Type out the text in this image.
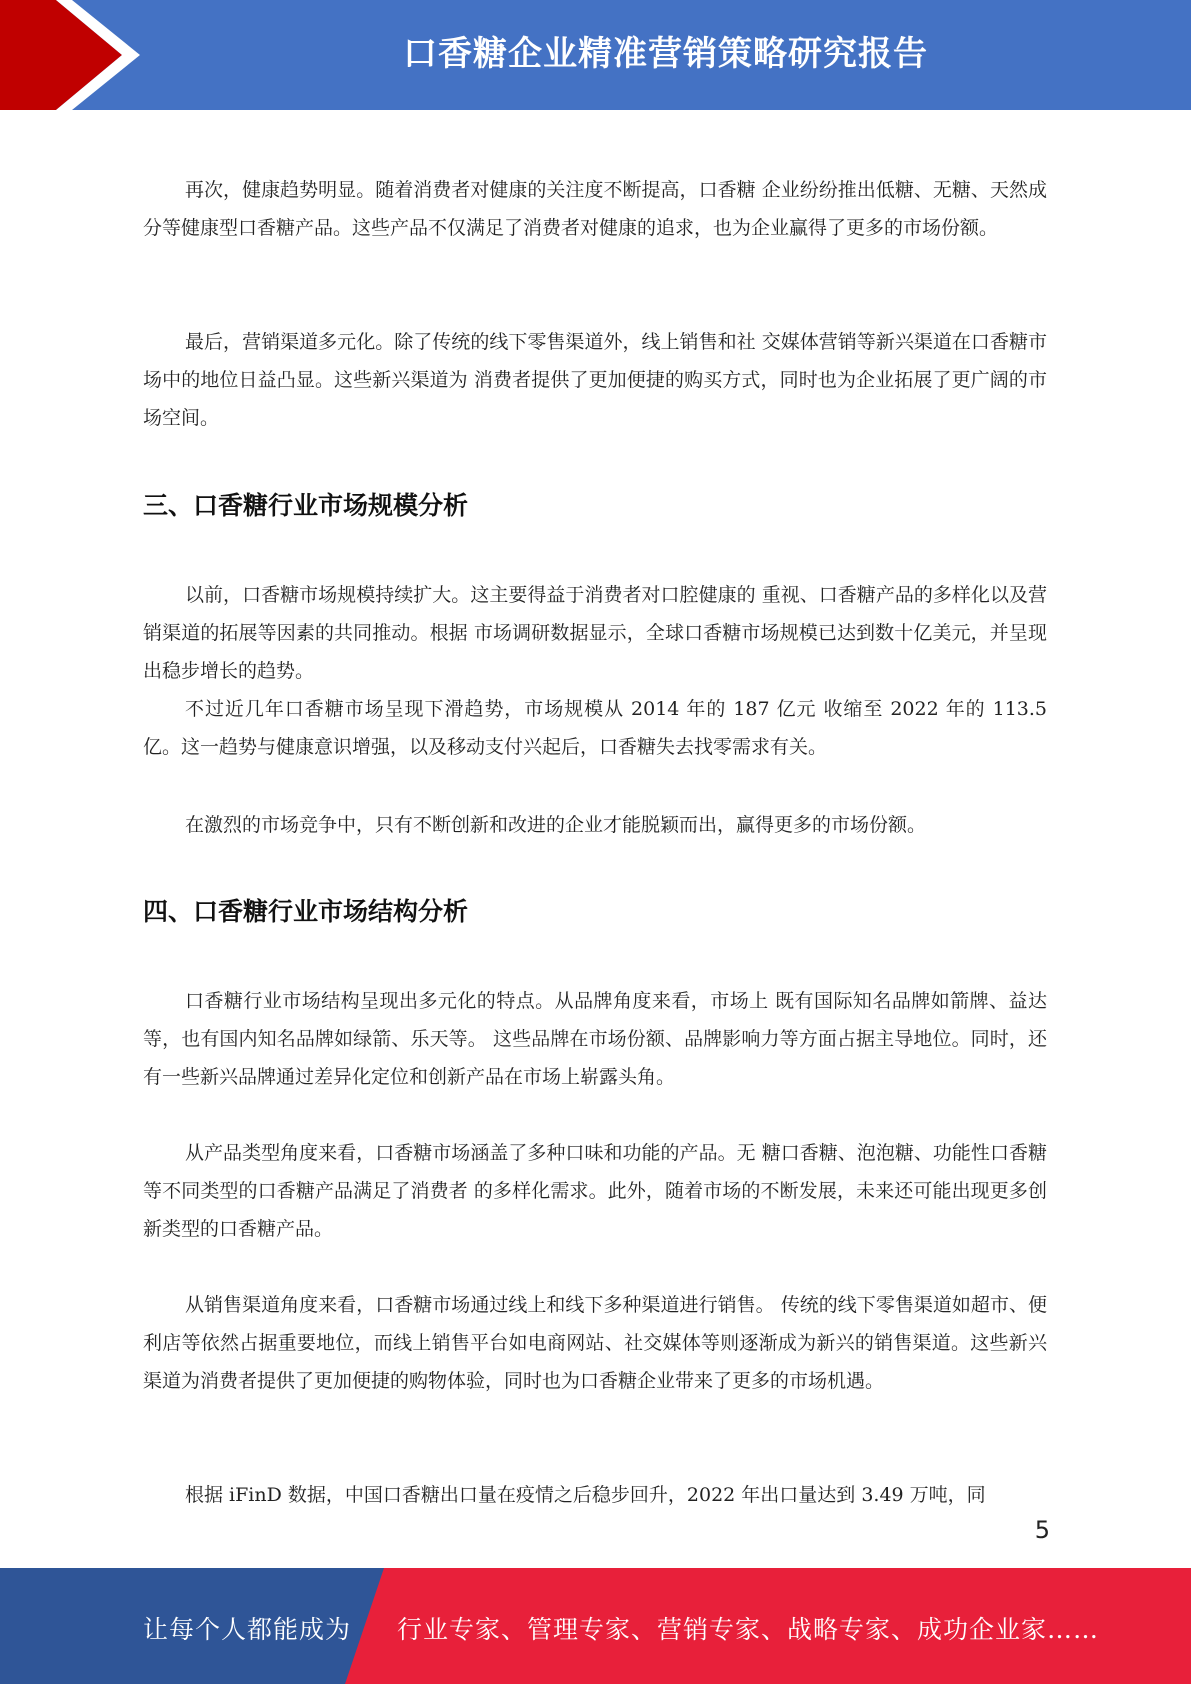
口香糖企业精准营销策略研究报告

再次，健康趋势明显。随着消费者对健康的关注度不断提高，口香糖 企业纷纷推出低糖、无糖、天然成分等健康型口香糖产品。这些产品不仅满足了消费者对健康的追求，也为企业赢得了更多的市场份额。

最后，营销渠道多元化。除了传统的线下零售渠道外，线上销售和社 交媒体营销等新兴渠道在口香糖市场中的地位日益凸显。这些新兴渠道为 消费者提供了更加便捷的购买方式，同时也为企业拓展了更广阔的市场空间。

三、口香糖行业市场规模分析

以前，口香糖市场规模持续扩大。这主要得益于消费者对口腔健康的 重视、口香糖产品的多样化以及营销渠道的拓展等因素的共同推动。根据 市场调研数据显示，全球口香糖市场规模已达到数十亿美元，并呈现出稳步增长的趋势。

不过近几年口香糖市场呈现下滑趋势，市场规模从 2014 年的 187 亿元 收缩至 2022 年的 113.5 亿。这一趋势与健康意识增强，以及移动支付兴起后，口香糖失去找零需求有关。

在激烈的市场竞争中，只有不断创新和改进的企业才能脱颖而出，赢得更多的市场份额。

四、口香糖行业市场结构分析

口香糖行业市场结构呈现出多元化的特点。从品牌角度来看，市场上 既有国际知名品牌如箭牌、益达等，也有国内知名品牌如绿箭、乐天等。 这些品牌在市场份额、品牌影响力等方面占据主导地位。同时，还有一些新兴品牌通过差异化定位和创新产品在市场上崭露头角。

从产品类型角度来看，口香糖市场涵盖了多种口味和功能的产品。无 糖口香糖、泡泡糖、功能性口香糖等不同类型的口香糖产品满足了消费者 的多样化需求。此外，随着市场的不断发展，未来还可能出现更多创新类型的口香糖产品。

从销售渠道角度来看，口香糖市场通过线上和线下多种渠道进行销售。 传统的线下零售渠道如超市、便利店等依然占据重要地位，而线上销售平台如电商网站、社交媒体等则逐渐成为新兴的销售渠道。这些新兴渠道为消费者提供了更加便捷的购物体验，同时也为口香糖企业带来了更多的市场机遇。

根据 iFinD 数据，中国口香糖出口量在疫情之后稳步回升，2022 年出口量达到 3.49 万吨，同

5
让每个人都能成为 行业专家、管理专家、营销专家、战略专家、成功企业家……
